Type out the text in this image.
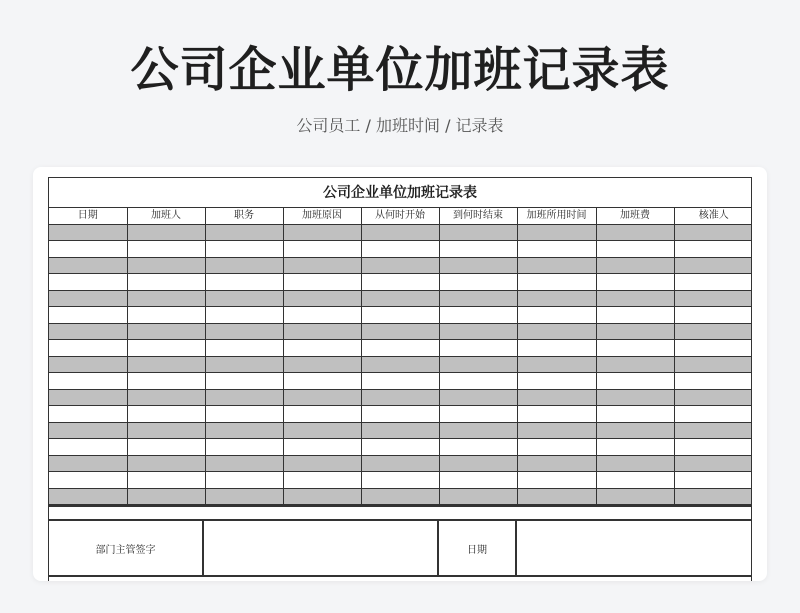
公司企业单位加班记录表
公司员工 / 加班时间 / 记录表
公司企业单位加班记录表
日期	加班人	职务	加班原因	从何时开始	到何时结束	加班所用时间	加班费	核准人

部门主管签字	日期
